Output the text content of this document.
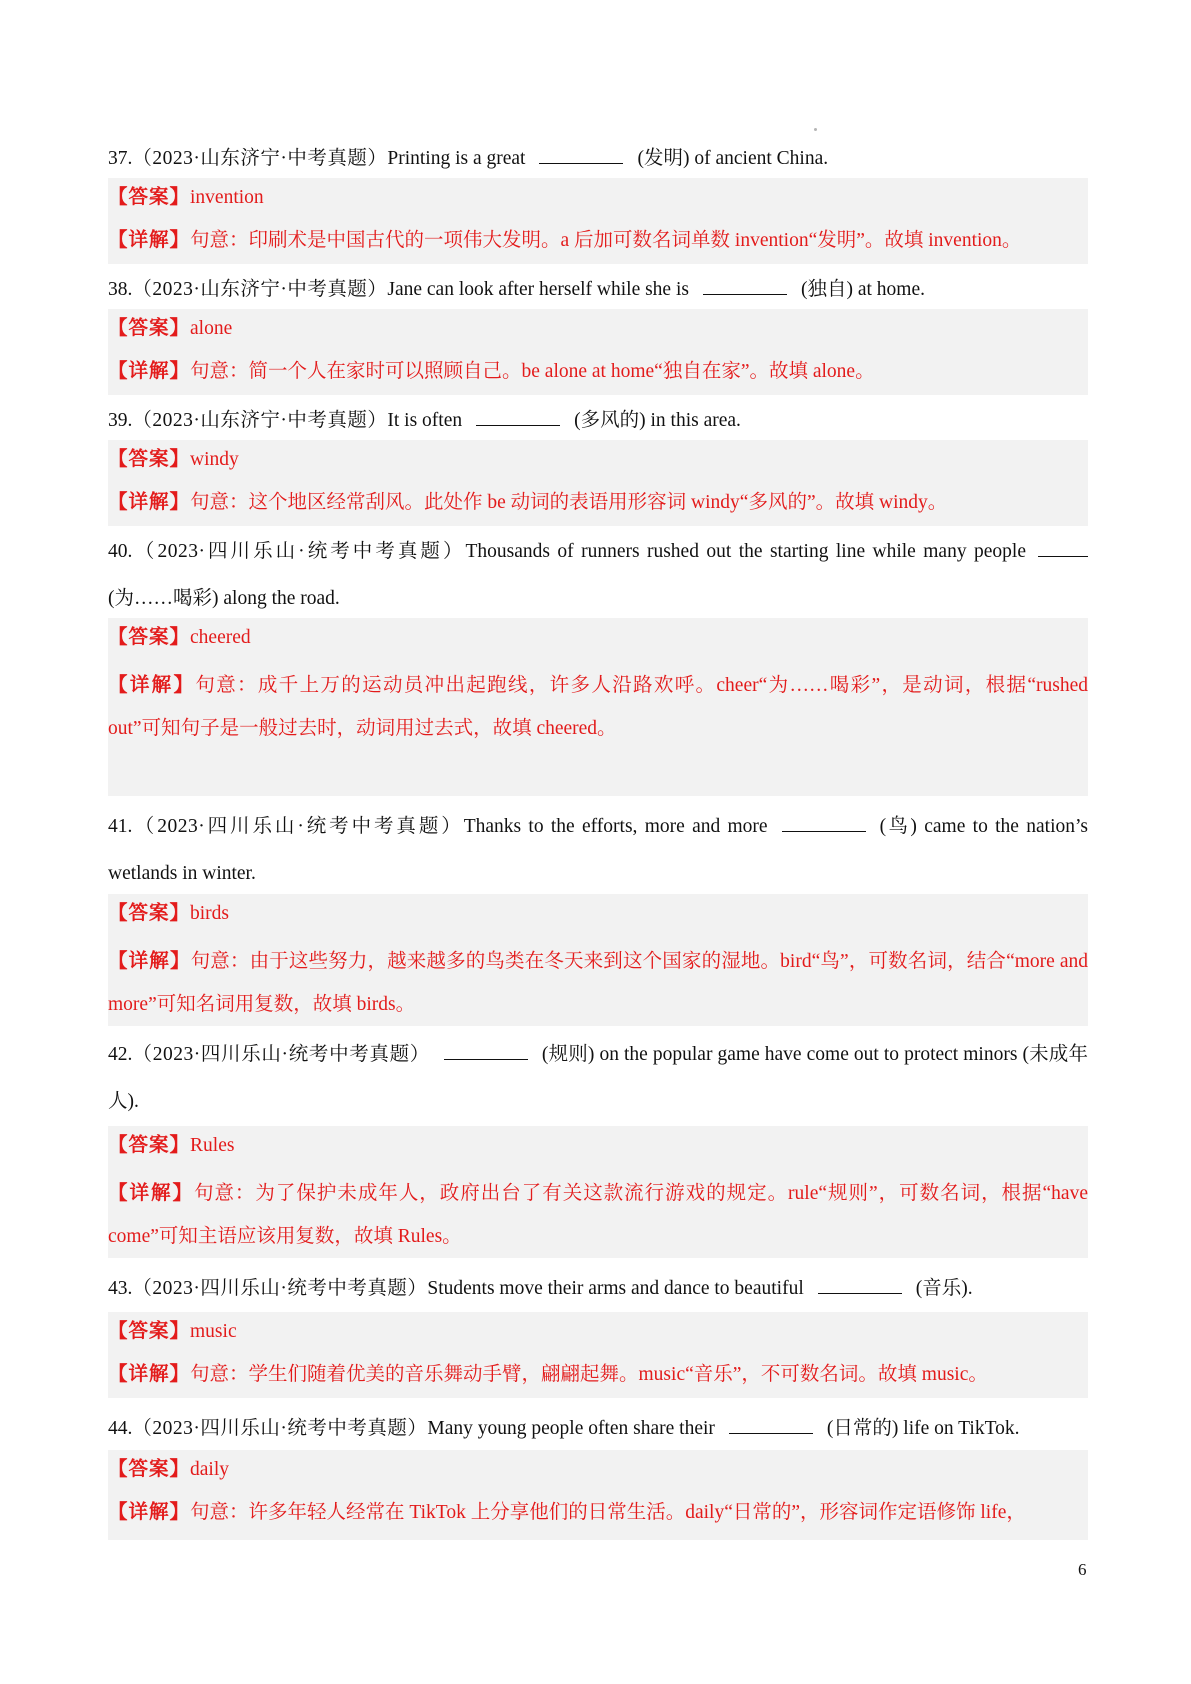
37.（2023·山东济宁·中考真题）Printing is a great	(发明) of ancient China.
【答案】invention
【详解】句意：印刷术是中国古代的一项伟大发明。a 后加可数名词单数 invention“发明”。故填 invention。
38.（2023·山东济宁·中考真题）Jane can look after herself while she is	(独自) at home.
【答案】alone
【详解】句意：简一个人在家时可以照顾自己。be alone at home“独自在家”。故填 alone。
39.（2023·山东济宁·中考真题）It is often	(多风的) in this area.
【答案】windy
【详解】句意：这个地区经常刮风。此处作 be 动词的表语用形容词 windy“多风的”。故填 windy。
40.（2023·四川乐山·统考中考真题）Thousands of runners rushed out the starting line while many people (为……喝彩) along the road.
【答案】cheered
【详解】句意：成千上万的运动员冲出起跑线，许多人沿路欢呼。cheer“为……喝彩”，是动词，根据“rushed out”可知句子是一般过去时，动词用过去式，故填 cheered。
41.（2023·四川乐山·统考中考真题）Thanks to the efforts, more and more	(鸟) came to the nation’s wetlands in winter.
【答案】birds
【详解】句意：由于这些努力，越来越多的鸟类在冬天来到这个国家的湿地。bird“鸟”，可数名词，结合“more and more”可知名词用复数，故填 birds。
42.（2023·四川乐山·统考中考真题）	(规则) on the popular game have come out to protect minors (未成年人).
【答案】Rules
【详解】句意：为了保护未成年人，政府出台了有关这款流行游戏的规定。rule“规则”，可数名词，根据“have come”可知主语应该用复数，故填 Rules。
43.（2023·四川乐山·统考中考真题）Students move their arms and dance to beautiful	(音乐).
【答案】music
【详解】句意：学生们随着优美的音乐舞动手臂，翩翩起舞。music“音乐”，不可数名词。故填 music。
44.（2023·四川乐山·统考中考真题）Many young people often share their	(日常的) life on TikTok.
【答案】daily
【详解】句意：许多年轻人经常在 TikTok 上分享他们的日常生活。daily“日常的”，形容词作定语修饰 life，
6
